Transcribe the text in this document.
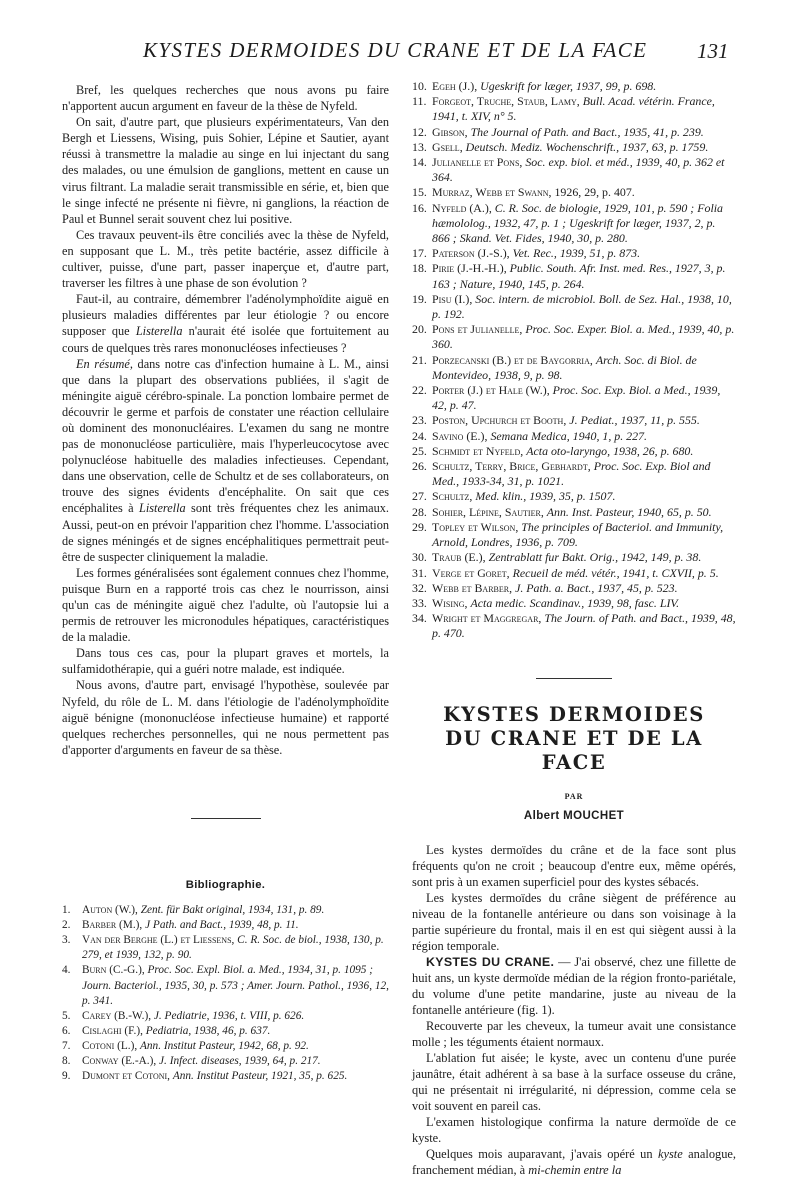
KYSTES DERMOIDES DU CRANE ET DE LA FACE 131

Bref, les quelques recherches que nous avons pu faire n'apportent aucun argument en faveur de la thèse de Nyfeld.

On sait, d'autre part, que plusieurs expérimentateurs, Van den Bergh et Liessens, Wising, puis Sohier, Lépine et Sautier, ayant réussi à transmettre la maladie au singe en lui injectant du sang des malades, ou une émulsion de ganglions, mettent en cause un virus filtrant. La maladie serait transmissible en série, et, bien que le singe infecté ne présente ni fièvre, ni ganglions, la réaction de Paul et Bunnel serait souvent chez lui positive.

Ces travaux peuvent-ils être conciliés avec la thèse de Nyfeld, en supposant que L. M., très petite bactérie, assez difficile à cultiver, puisse, d'une part, passer inaperçue et, d'autre part, traverser les filtres à une phase de son évolution ?

Faut-il, au contraire, démembrer l'adénolymphoïdite aiguë en plusieurs maladies différentes par leur étiologie ? ou encore supposer que Listerella n'aurait été isolée que fortuitement au cours de quelques très rares mononucléoses infectieuses ?

En résumé, dans notre cas d'infection humaine à L. M., ainsi que dans la plupart des observations publiées, il s'agit de méningite aiguë cérébro-spinale. La ponction lombaire permet de découvrir le germe et parfois de constater une réaction cellulaire où dominent des mononucléaires. L'examen du sang ne montre pas de mononucléose particulière, mais l'hyperleucocytose avec polynucléose habituelle des maladies infectieuses. Cependant, dans une observation, celle de Schultz et de ses collaborateurs, on trouve des signes évidents d'encéphalite. On sait que ces encéphalites à Listerella sont très fréquentes chez les animaux. Aussi, peut-on en prévoir l'apparition chez l'homme. L'association de signes méningés et de signes encéphalitiques permettrait peut-être de suspecter cliniquement la maladie.

Les formes généralisées sont également connues chez l'homme, puisque Burn en a rapporté trois cas chez le nourrisson, ainsi qu'un cas de méningite aiguë chez l'adulte, où l'autopsie lui a permis de retrouver les micronodules hépatiques, caractéristiques de la maladie.

Dans tous ces cas, pour la plupart graves et mortels, la sulfamidothérapie, qui a guéri notre malade, est indiquée.

Nous avons, d'autre part, envisagé l'hypothèse, soulevée par Nyfeld, du rôle de L. M. dans l'étiologie de l'adénolymphoïdite aiguë bénigne (mononucléose infectieuse humaine) et rapporté quelques recherches personnelles, qui ne nous permettent pas d'apporter d'arguments en faveur de sa thèse.

Bibliographie.
1. Auton (W.), Zent. für Bakt original, 1934, 131, p. 89.
2. Barber (M.), J Path. and Bact., 1939, 48, p. 11.
3. Van der Berghe (L.) et Liessens, C. R. Soc. de biol., 1938, 130, p. 279, et 1939, 132, p. 90.
4. Burn (C.-G.), Proc. Soc. Expl. Biol. a. Med., 1934, 31, p. 1095 ; Journ. Bacteriol., 1935, 30, p. 573 ; Amer. Journ. Pathol., 1936, 12, p. 341.
5. Carey (B.-W.), J. Pediatrie, 1936, t. VIII, p. 626.
6. Cislaghi (F.), Pediatria, 1938, 46, p. 637.
7. Cotoni (L.), Ann. Institut Pasteur, 1942, 68, p. 92.
8. Conway (E.-A.), J. Infect. diseases, 1939, 64, p. 217.
9. Dumont et Cotoni, Ann. Institut Pasteur, 1921, 35, p. 625.
10. Egeh (J.), Ugeskrift for læger, 1937, 99, p. 698.
11. Forgeot, Truche, Staub, Lamy, Bull. Acad. vétérin. France, 1941, t. XIV, n° 5.
12. Gibson, The Journal of Path. and Bact., 1935, 41, p. 239.
13. Gsell, Deutsch. Mediz. Wochenschrift., 1937, 63, p. 1759.
14. Julianelle et Pons, Soc. exp. biol. et méd., 1939, 40, p. 362 et 364.
15. Murraz, Webb et Swann, 1926, 29, p. 407.
16. Nyfeld (A.), C. R. Soc. de biologie, 1929, 101, p. 590 ; Folia hæmololog., 1932, 47, p. 1 ; Ugeskrift for læger, 1937, 2, p. 866 ; Skand. Vet. Fides, 1940, 30, p. 280.
17. Paterson (J.-S.), Vet. Rec., 1939, 51, p. 873.
18. Pirie (J.-H.-H.), Public. South. Afr. Inst. med. Res., 1927, 3, p. 163 ; Nature, 1940, 145, p. 264.
19. Pisu (I.), Soc. intern. de microbiol. Boll. de Sez. Hal., 1938, 10, p. 192.
20. Pons et Julianelle, Proc. Soc. Exper. Biol. a. Med., 1939, 40, p. 360.
21. Porzecanski (B.) et de Baygorria, Arch. Soc. di Biol. de Montevideo, 1938, 9, p. 98.
22. Porter (J.) et Hale (W.), Proc. Soc. Exp. Biol. a Med., 1939, 42, p. 47.
23. Poston, Upchurch et Booth, J. Pediat., 1937, 11, p. 555.
24. Savino (E.), Semana Medica, 1940, 1, p. 227.
25. Schmidt et Nyfeld, Acta oto-laryngo, 1938, 26, p. 680.
26. Schultz, Terry, Brice, Gebhardt, Proc. Soc. Exp. Biol and Med., 1933-34, 31, p. 1021.
27. Schultz, Med. klin., 1939, 35, p. 1507.
28. Sohier, Lépine, Sautier, Ann. Inst. Pasteur, 1940, 65, p. 50.
29. Topley et Wilson, The principles of Bacteriol. and Immunity, Arnold, Londres, 1936, p. 709.
30. Traub (E.), Zentrablatt fur Bakt. Orig., 1942, 149, p. 38.
31. Verge et Goret, Recueil de méd. vétér., 1941, t. CXVII, p. 5.
32. Webb et Barber, J. Path. a. Bact., 1937, 45, p. 523.
33. Wising, Acta medic. Scandinav., 1939, 98, fasc. LIV.
34. Wright et Maggregar, The Journ. of Path. and Bact., 1939, 48, p. 470.
KYSTES DERMOIDES
DU CRANE ET DE LA FACE
PAR
Albert MOUCHET

Les kystes dermoïdes du crâne et de la face sont plus fréquents qu'on ne croit ; beaucoup d'entre eux, même opérés, sont pris à un examen superficiel pour des kystes sébacés.

Les kystes dermoïdes du crâne siègent de préférence au niveau de la fontanelle antérieure ou dans son voisinage à la partie supérieure du frontal, mais il en est qui siègent aussi à la région temporale.

KYSTES DU CRANE. — J'ai observé, chez une fillette de huit ans, un kyste dermoïde médian de la région fronto-pariétale, du volume d'une petite mandarine, juste au niveau de la fontanelle antérieure (fig. 1).

Recouverte par les cheveux, la tumeur avait une consistance molle ; les téguments étaient normaux.

L'ablation fut aisée; le kyste, avec un contenu d'une purée jaunâtre, était adhérent à sa base à la surface osseuse du crâne, qui ne présentait ni irrégularité, ni dépression, comme cela se voit souvent en pareil cas.

L'examen histologique confirma la nature dermoïde de ce kyste.

Quelques mois auparavant, j'avais opéré un kyste analogue, franchement médian, à mi-chemin entre la
